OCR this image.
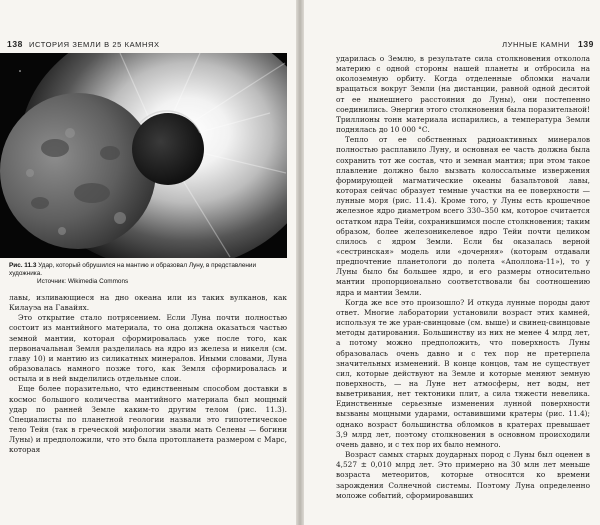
138 ИСТОРИЯ ЗЕМЛИ В 25 КАМНЯХ
Рис. 11.3 Удар, который обрушился на мантию и образовал Луну, в представлении художника.
Источник: Wikimedia Commons

лавы, изливающиеся на дно океана или из таких вулканов, как Килауэа на Гавайях.

Это открытие стало потрясением. Если Луна почти полностью состоит из мантийного материала, то она должна оказаться частью земной мантии, которая сформировалась уже после того, как первоначальная Земля разделилась на ядро из железа и никеля (см. главу 10) и мантию из силикатных минералов. Иными словами, Луна образовалась намного позже того, как Земля сформировалась и остыла и в ней выделились отдельные слои.

Еще более поразительно, что единственным способом доставки в космос большого количества мантийного материала был мощный удар по ранней Земле каким-то другим телом (рис. 11.3). Специалисты по планетной геологии назвали это гипотетическое тело Тейя (так в греческой мифологии звали мать Селены — богини Луны) и предположили, что это была протопланета размером с Марс, которая

ЛУННЫЕ КАМНИ 139

ударилась о Землю, в результате сила столкновения откололa материю с одной стороны нашей планеты и отбросила на околоземную орбиту. Когда отделенные обломки начали вращаться вокруг Земли (на дистанции, равной одной десятой от ее нынешнего расстояния до Луны), они постепенно соединились. Энергия этого столкновения была поразительной! Триллионы тонн материала испарились, а температура Земли поднялась до 10 000 °С.

Тепло от ее собственных радиоактивных минералов полностью расплавило Луну, и основная ее часть должна была сохранить тот же состав, что и земная мантия; при этом такое плавление должно было вызвать колоссальные извержения формирующей магматические океаны базальтовой лавы, которая сейчас образует темные участки на ее поверхности — лунные моря (рис. 11.4). Кроме того, у Луны есть крошечное железное ядро диаметром всего 330–350 км, которое считается остатком ядра Тейи, сохранившимся после столкновения; таким образом, более железоникелевое ядро Тейи почти целиком слилось с ядром Земли. Если бы оказалась верной «сестринская» модель или «дочерняя» (которым отдавали предпочтение планетологи до полета «Аполлона-11»), то у Луны было бы большее ядро, и его размеры относительно мантии пропорционально соответствовали бы соотношению ядра и мантии Земли.

Когда же все это произошло? И откуда лунные породы дают ответ. Многие лаборатории установили возраст этих камней, используя те же уран-свинцовые (см. выше) и свинец-свинцовые методы датирования. Большинству из них не менее 4 млрд лет, а потому можно предположить, что поверхность Луны образовалась очень давно и с тех пор не претерпела значительных изменений. В конце концов, там не существует сил, которые действуют на Земле и которые меняют земную поверхность, — на Луне нет атмосферы, нет воды, нет выветривания, нет тектоники плит, а сила тяжести невелика. Единственные серьезные изменения лунной поверхности вызваны мощными ударами, оставившими кратеры (рис. 11.4); однако возраст большинства обломков в кратерах превышает 3,9 млрд лет, поэтому столкновения в основном происходили очень давно, и с тех пор их было немного.

Возраст самых старых доударных пород с Луны был оценен в 4,527 ± 0,010 млрд лет. Это примерно на 30 млн лет меньше возраста метеоритов, которые относятся ко времени зарождения Солнечной системы. Поэтому Луна определенно моложе событий, сформировавших
